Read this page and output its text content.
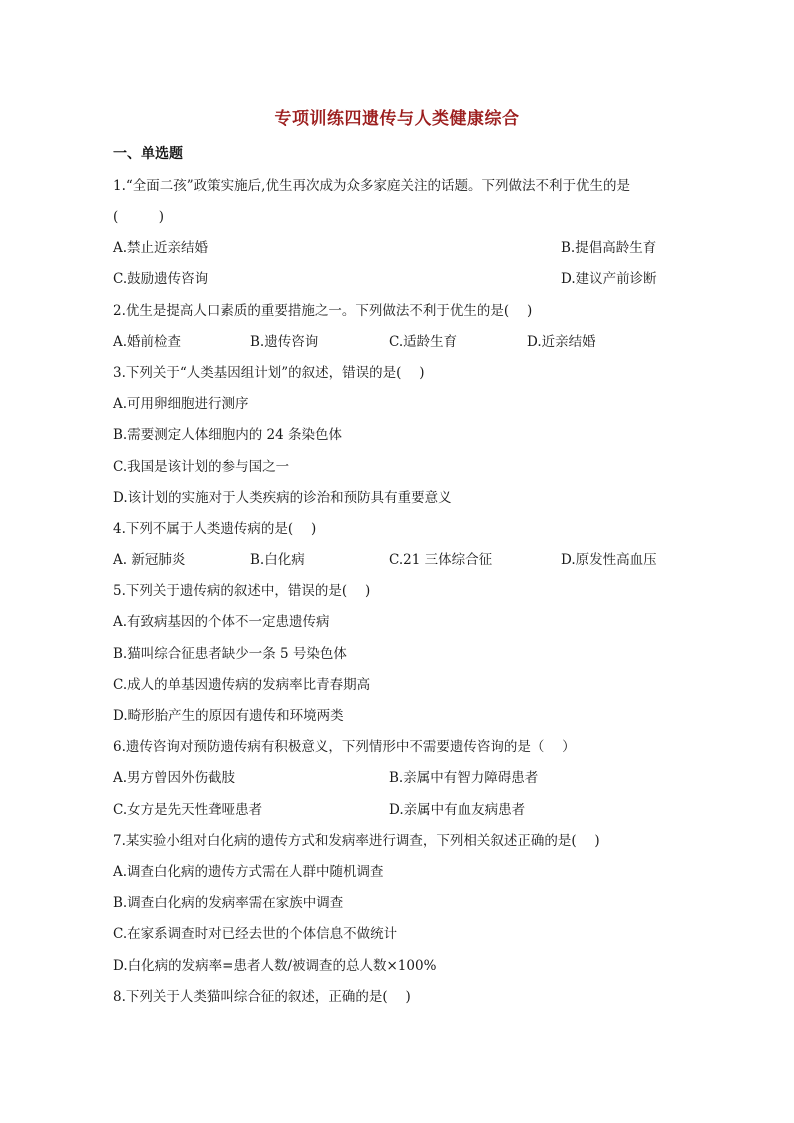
专项训练四遗传与人类健康综合
一、单选题
1.“全面二孩”政策实施后,优生再次成为众多家庭关注的话题。下列做法不利于优生的是
(　　　)
A.禁止近亲结婚	B.提倡高龄生育
C.鼓励遗传咨询	D.建议产前诊断
2.优生是提高人口素质的重要措施之一。下列做法不利于优生的是(　 )
A.婚前检查	B.遗传咨询	C.适龄生育	D.近亲结婚
3.下列关于“人类基因组计划”的叙述，错误的是(　 )
A.可用卵细胞进行测序
B.需要测定人体细胞内的 24 条染色体
C.我国是该计划的参与国之一
D.该计划的实施对于人类疾病的诊治和预防具有重要意义
4.下列不属于人类遗传病的是(　 )
A. 新冠肺炎	B.白化病	C.21 三体综合征	D.原发性高血压
5.下列关于遗传病的叙述中，错误的是(　 )
A.有致病基因的个体不一定患遗传病
B.猫叫综合征患者缺少一条 5 号染色体
C.成人的单基因遗传病的发病率比青春期高
D.畸形胎产生的原因有遗传和环境两类
6.遗传咨询对预防遗传病有积极意义，下列情形中不需要遗传咨询的是（　 ）
A.男方曾因外伤截肢	B.亲属中有智力障碍患者
C.女方是先天性聋哑患者	D.亲属中有血友病患者
7.某实验小组对白化病的遗传方式和发病率进行调查，下列相关叙述正确的是(　 )
A.调查白化病的遗传方式需在人群中随机调查
B.调查白化病的发病率需在家族中调查
C.在家系调查时对已经去世的个体信息不做统计
D.白化病的发病率=患者人数/被调查的总人数×100%
8.下列关于人类猫叫综合征的叙述，正确的是(　 )
